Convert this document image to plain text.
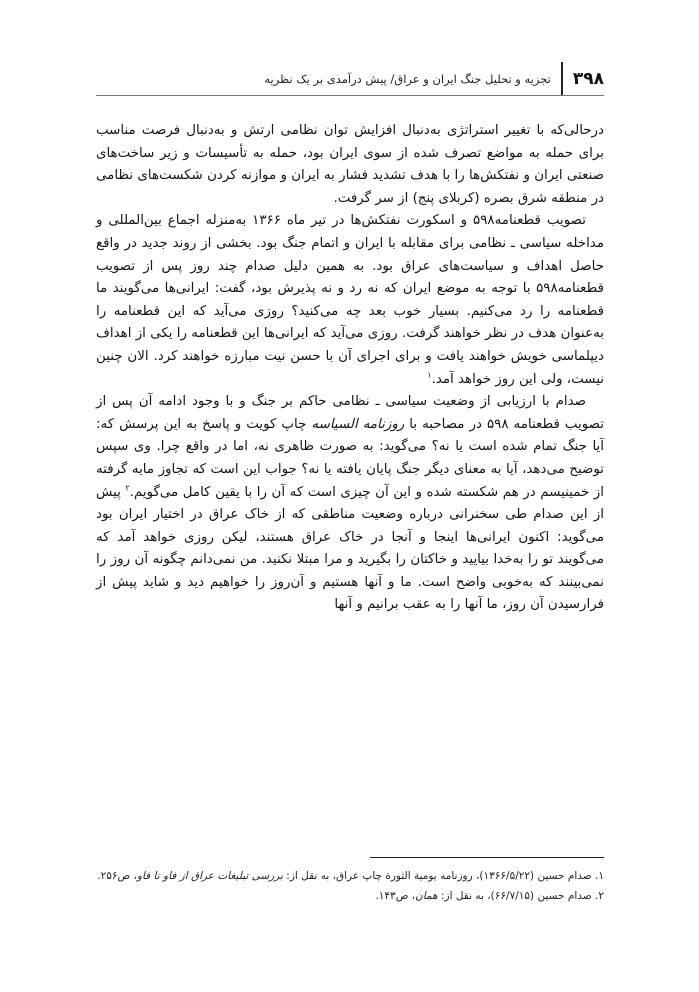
۳۹۸
تجزیه و تحلیل جنگ ایران و عراق/ پیش درآمدی بر یک نظریه

درحالی‌که با تغییر استراتژی به‌دنبال افزایش توان نظامی ارتش و به‌دنبال فرصت مناسب برای حمله به مواضع تصرف شده از سوی ایران بود، حمله به تأسیسات و زیر ساخت‌های صنعتی ایران و نفتکش‌ها را با هدف تشدید فشار به ایران و موازنه کردن شکست‌های نظامی در منطقه شرق بصره (کربلای پنج) از سر گرفت.

تصویب قطعنامه۵۹۸ و اسکورت نفتکش‌ها در تیر ماه ۱۳۶۶ به‌منزله اجماع بین‌المللی و مداخله سیاسی ـ نظامی برای مقابله با ایران و اتمام جنگ بود. بخشی از روند جدید در واقع حاصل اهداف و سیاست‌های عراق بود. به همین دلیل صدام چند روز پس از تصویب قطعنامه۵۹۸ با توجه به موضع ایران که نه رد و نه پذیرش بود، گفت: ایرانی‌ها می‌گویند ما قطعنامه را رد می‌کنیم. بسیار خوب بعد چه می‌کنید؟ روزی می‌آید که این قطعنامه را به‌عنوان هدف در نظر خواهند گرفت. روزی می‌آید که ایرانی‌ها این قطعنامه را یکی از اهداف دیپلماسی خویش خواهند یافت و برای اجرای آن با حسن نیت مبارزه خواهند کرد. الان چنین نیست، ولی این روز خواهد آمد.$^۱$

صدام با ارزیابی از وضعیت سیاسی ـ نظامی حاکم بر جنگ و با وجود ادامه آن پس از تصویب قطعنامه ۵۹۸ در مصاحبه با روزنامه السیاسه چاپ کویت و پاسخ به این پرسش که: آیا جنگ تمام شده است یا نه؟ می‌گوید: به صورت ظاهری نه، اما در واقع چرا. وی سپس توضیح می‌دهد، آیا به معنای دیگر جنگ پایان یافته یا نه؟ جواب این است که تجاوز مایه گرفته از خمینیسم در هم شکسته شده و این آن چیزی است که آن را با یقین کامل می‌گویم.$^۲$ پیش از این صدام طی سخنرانی درباره وضعیت مناطقی که از خاک عراق در اختیار ایران بود می‌گوید: اکنون ایرانی‌ها اینجا و آنجا در خاک عراق هستند، لیکن روزی خواهد آمد که می‌گویند تو را به‌خدا بیایید و خاکتان را بگیرید و مرا مبتلا نکنید. من نمی‌دانم چگونه آن روز را نمی‌بینند که به‌خوبی واضح است. ما و آنها هستیم و آن‌روز را خواهیم دید و شاید پیش از فرارسیدن آن روز، ما آنها را به عقب برانیم و آنها

۱. صدام حسین (۱۳۶۶/۵/۲۲)، روزنامه یومیة الثورة چاپ عراق، به نقل از: بررسی تبلیغات عراق از فاو تا فاو، ص۲۵۶.

۲. صدام حسین (۶۶/۷/۱۵)، به نقل از: همان، ص۱۴۳.
